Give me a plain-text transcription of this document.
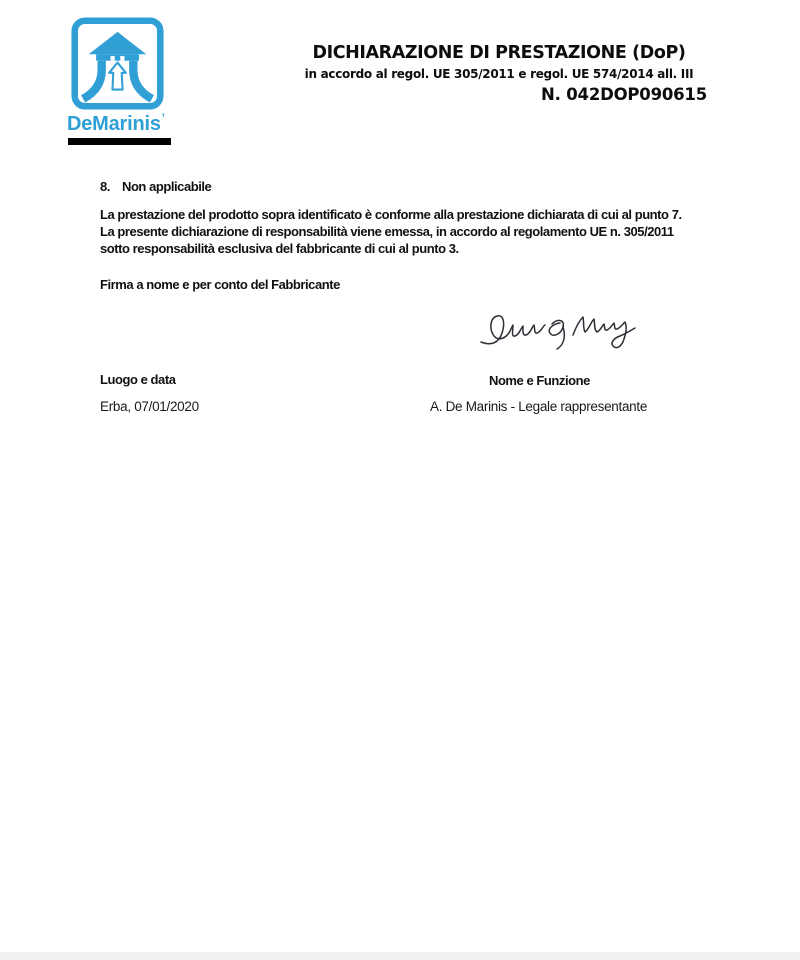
DeMarinis’
DICHIARAZIONE DI PRESTAZIONE (DoP)
in accordo al regol. UE 305/2011 e regol. UE 574/2014 all. III
N. 042DOP090615
8. Non applicabile
La prestazione del prodotto sopra identificato è conforme alla prestazione dichiarata di cui al punto 7.
La presente dichiarazione di responsabilità viene emessa, in accordo al regolamento UE n. 305/2011
sotto responsabilità esclusiva del fabbricante di cui al punto 3.
Firma a nome e per conto del Fabbricante
Luogo e data	Nome e Funzione
Erba, 07/01/2020	A. De Marinis - Legale rappresentante
